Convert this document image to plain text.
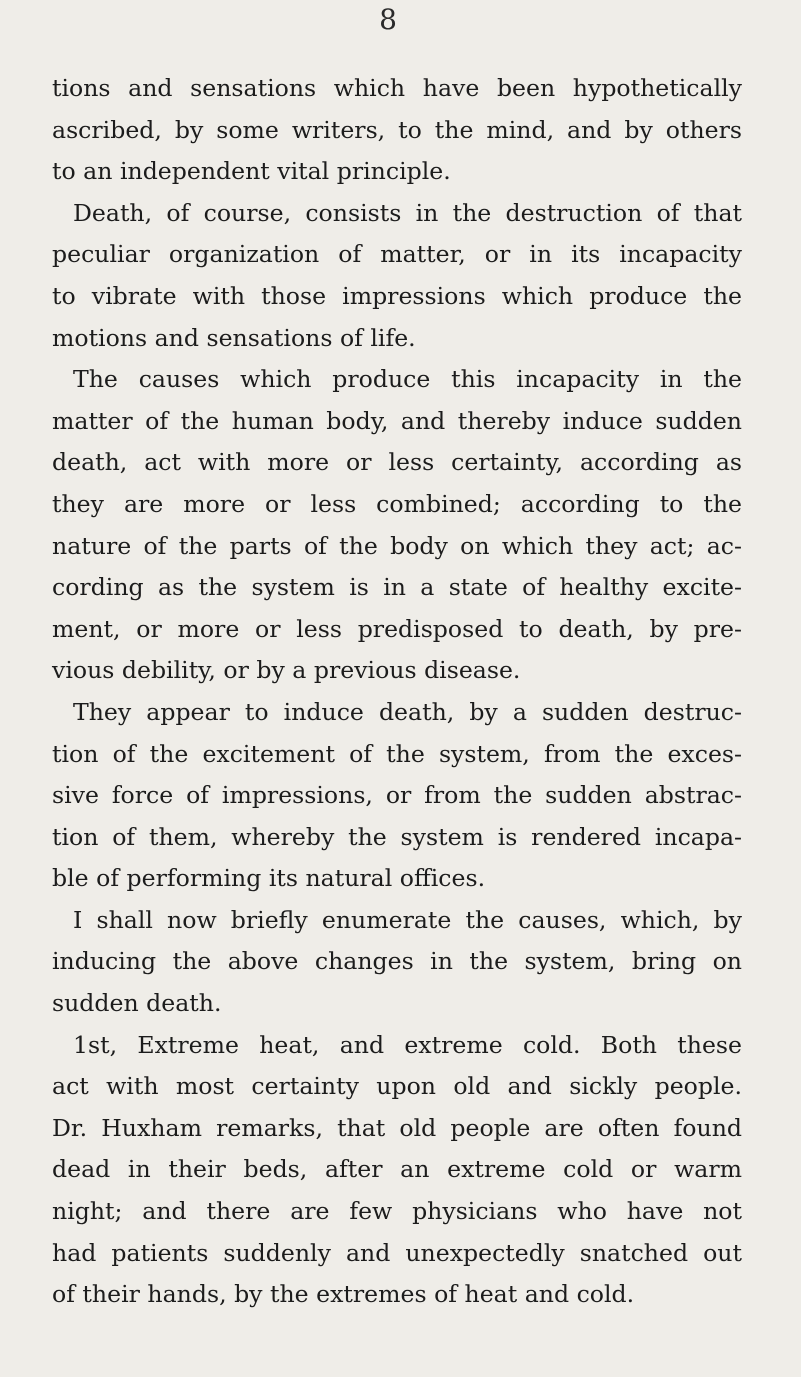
8
tions and sensations which have been hypothetically
ascribed, by some writers, to the mind, and by others
to an independent vital principle.
Death, of course, consists in the destruction of that
peculiar organization of matter, or in its incapacity
to vibrate with those impressions which produce the
motions and sensations of life.
The causes which produce this incapacity in the
matter of the human body, and thereby induce sudden
death, act with more or less certainty, according as
they are more or less combined; according to the
nature of the parts of the body on which they act; ac-
cording as the system is in a state of healthy excite-
ment, or more or less predisposed to death, by pre-
vious debility, or by a previous disease.
They appear to induce death, by a sudden destruc-
tion of the excitement of the system, from the exces-
sive force of impressions, or from the sudden abstrac-
tion of them, whereby the system is rendered incapa-
ble of performing its natural offices.
I shall now briefly enumerate the causes, which, by
inducing the above changes in the system, bring on
sudden death.
1st, Extreme heat, and extreme cold. Both these
act with most certainty upon old and sickly people.
Dr. Huxham remarks, that old people are often found
dead in their beds, after an extreme cold or warm
night; and there are few physicians who have not
had patients suddenly and unexpectedly snatched out
of their hands, by the extremes of heat and cold.
